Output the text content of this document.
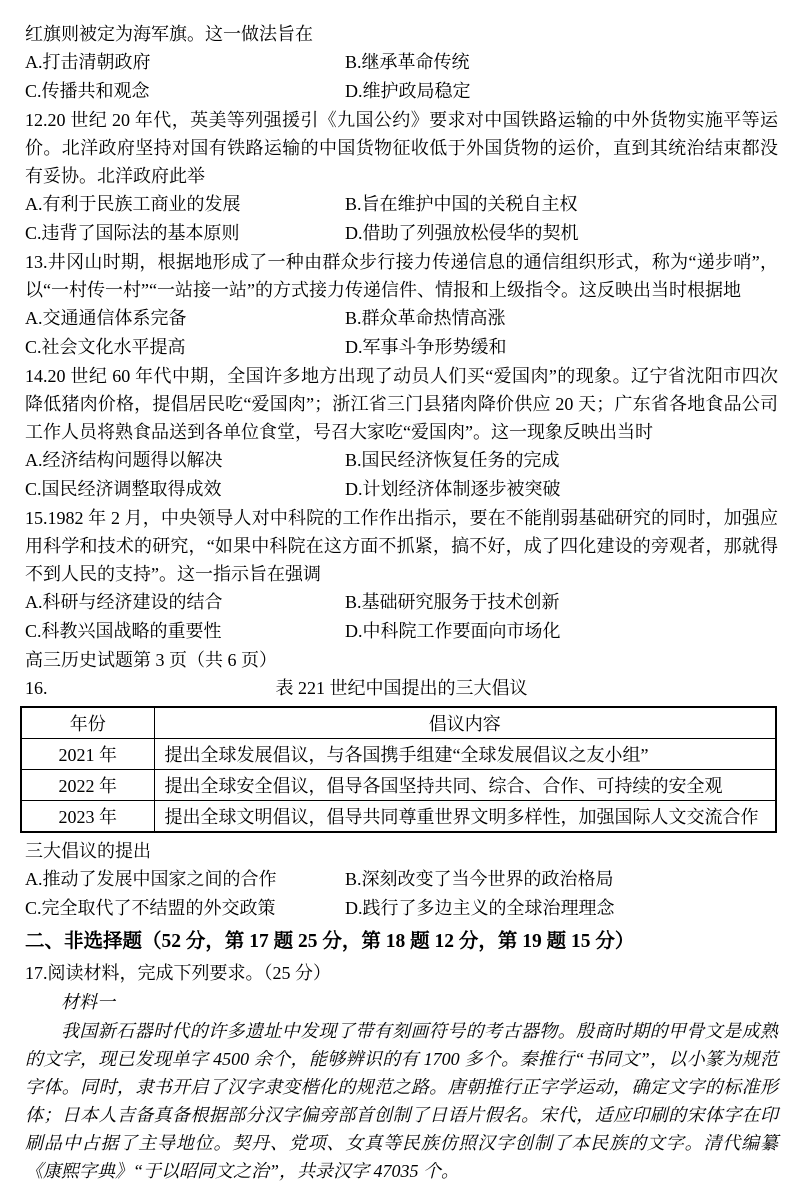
红旗则被定为海军旗。这一做法旨在

A.打击清朝政府	B.继承革命传统
C.传播共和观念	D.维护政局稳定

12.20 世纪 20 年代，英美等列强援引《九国公约》要求对中国铁路运输的中外货物实施平等运价。北洋政府坚持对国有铁路运输的中国货物征收低于外国货物的运价，直到其统治结束都没有妥协。北洋政府此举

A.有利于民族工商业的发展	B.旨在维护中国的关税自主权
C.违背了国际法的基本原则	D.借助了列强放松侵华的契机

13.井冈山时期，根据地形成了一种由群众步行接力传递信息的通信组织形式，称为“递步哨”，以“一村传一村”“一站接一站”的方式接力传递信件、情报和上级指令。这反映出当时根据地

A.交通通信体系完备	B.群众革命热情高涨
C.社会文化水平提高	D.军事斗争形势缓和

14.20 世纪 60 年代中期，全国许多地方出现了动员人们买“爱国肉”的现象。辽宁省沈阳市四次降低猪肉价格，提倡居民吃“爱国肉”；浙江省三门县猪肉降价供应 20 天；广东省各地食品公司工作人员将熟食品送到各单位食堂，号召大家吃“爱国肉”。这一现象反映出当时

A.经济结构问题得以解决	B.国民经济恢复任务的完成
C.国民经济调整取得成效	D.计划经济体制逐步被突破

15.1982 年 2 月，中央领导人对中科院的工作作出指示，要在不能削弱基础研究的同时，加强应用科学和技术的研究，“如果中科院在这方面不抓紧，搞不好，成了四化建设的旁观者，那就得不到人民的支持”。这一指示旨在强调

A.科研与经济建设的结合	B.基础研究服务于技术创新
C.科教兴国战略的重要性	D.中科院工作要面向市场化

高三历史试题第 3 页（共 6 页）

16.	表 221 世纪中国提出的三大倡议
年份	倡议内容
2021 年	提出全球发展倡议，与各国携手组建“全球发展倡议之友小组”
2022 年	提出全球安全倡议，倡导各国坚持共同、综合、合作、可持续的安全观
2023 年	提出全球文明倡议，倡导共同尊重世界文明多样性，加强国际人文交流合作

三大倡议的提出

A.推动了发展中国家之间的合作	B.深刻改变了当今世界的政治格局
C.完全取代了不结盟的外交政策	D.践行了多边主义的全球治理理念

二、非选择题（52 分，第 17 题 25 分，第 18 题 12 分，第 19 题 15 分）

17.阅读材料，完成下列要求。（25 分）

材料一

我国新石器时代的许多遗址中发现了带有刻画符号的考古器物。殷商时期的甲骨文是成熟的文字，现已发现单字 4500 余个，能够辨识的有 1700 多个。秦推行“书同文”，以小篆为规范字体。同时，隶书开启了汉字隶变楷化的规范之路。唐朝推行正字学运动，确定文字的标准形体；日本人吉备真备根据部分汉字偏旁部首创制了日语片假名。宋代，适应印刷的宋体字在印刷品中占据了主导地位。契丹、党项、女真等民族仿照汉字创制了本民族的文字。清代编纂《康熙字典》“于以昭同文之治”，共录汉字 47035 个。
